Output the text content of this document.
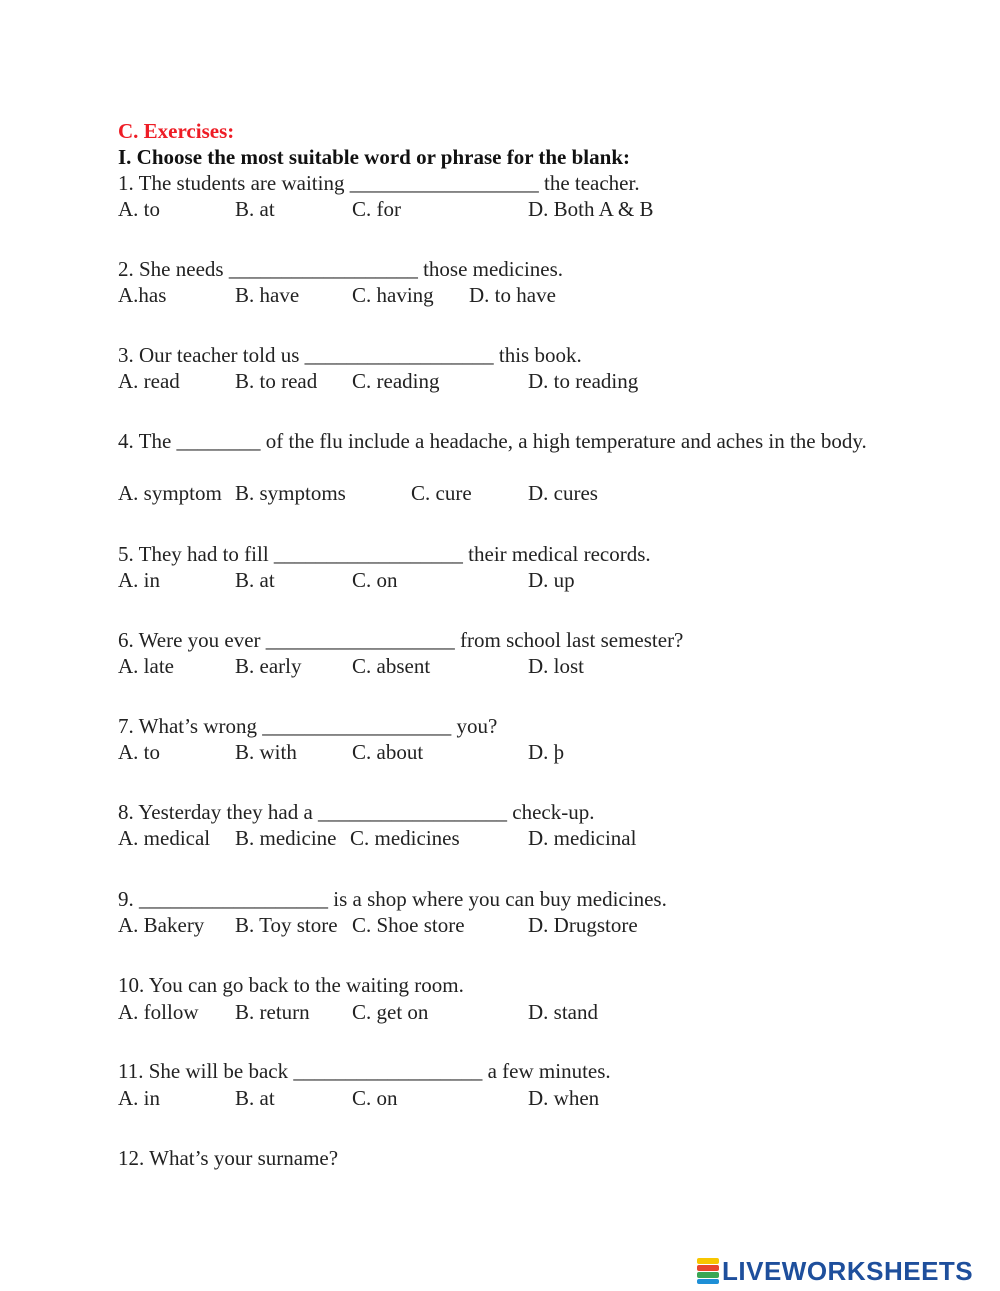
C. Exercises:
I. Choose the most suitable word or phrase for the blank:
1. The students are waiting __________________ the teacher.
A. to	B. at	C. for	D. Both A & B
2. She needs __________________ those medicines.
A.has	B. have	C. having D. to have
3. Our teacher told us __________________ this book.
A. read	B. to read C. reading	D. to reading
4. The ________ of the flu include a headache, a high temperature and aches in the body.
A. symptom B. symptoms	C. cure	D. cures
5. They had to fill __________________ their medical records.
A. in	B. at	C. on	D. up
6. Were you ever __________________ from school last semester?
A. late	B. early C. absent	D. lost
7. What’s wrong __________________ you?
A. to	B. with	C. about	D. þ
8. Yesterday they had a __________________ check-up.
A. medical B. medicine C. medicines	D. medicinal
9. __________________ is a shop where you can buy medicines.
A. Bakery B. Toy store C. Shoe store	D. Drugstore
10. You can go back to the waiting room.
A. follow B. return C. get on	D. stand
11. She will be back __________________ a few minutes.
A. in	B. at	C. on	D. when
12. What’s your surname?
LIVEWORKSHEETS
